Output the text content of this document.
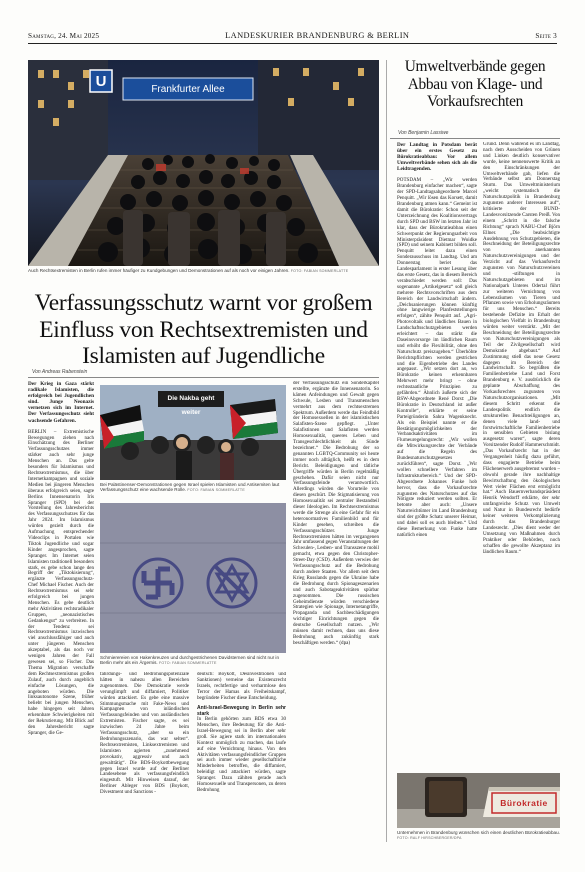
Samstag, 24. Mai 2025	LANDESKURIER BRANDENBURG & BERLIN	Seite 3
Frankfurter Allee
U
Auch Rechtsextremisten in Berlin rufen immer häufiger zu Kundgebungen und Demonstrationen auf als noch vor einigen Jahren. FOTO: FABIAN SOMMERLATTE
Verfassungsschutz warnt vor großem Einfluss von Rechtsextremisten und Islamisten auf Jugendliche
Von Andreas Rabenstein

Der Krieg in Gaza stärkt radikale Islamisten, die erfolgreich bei Jugendlichen sind. Junge Neonazis vernetzen sich im Internet. Der Verfassungsschutz sieht wachsende Gefahren.

BERLIN – Extremistische Bewegungen ziehen nach Einschätzung des Berliner Verfassungsschutzes immer stärker auch sehr junge Menschen an. Das gelte besonders für Islamismus und Rechtsextremismus, die über Internetkampagnen und soziale Medien bei jüngeren Menschen überaus erfolgreich seien, sagte Berlins Innensenatorin Iris Spranger (SPD) bei der Vorstellung des Jahresberichts des Verfassungsschutzes für das Jahr 2024. Im Islamismus würden gezielt durch die Aufmachung entsprechender Videoclips in Portalen wie Tiktok Jugendliche und sogar Kinder angesprochen, sagte Spranger. Im Internet seien Islamisten traditionell besonders stark, es gebe schon lange den Begriff der „Tiktokisierung“, ergänzte Verfassungsschutz-Chef Michael Fischer. Auch der Rechtsextremismus sei sehr erfolgreich bei jungen Menschen. Es gebe deutlich mehr Aktivitäten rechtsradikaler Gruppen, „neonazistisches Gedankengut“ zu verbreiten. In der Tendenz sei Rechtsextremismus inzwischen viel anschlussfähiger und auch unter jüngeren Menschen akzeptabel, als das noch vor wenigen Jahren der Fall gewesen sei, so Fischer. Das Thema Migration verschaffe dem Rechtsextremismus großen Zulauf, auch durch angeblich einfache Lösungen, die angeboten würden. Die linksautonome Szene, früher beliebt bei jungen Menschen, habe hingegen seit Jahren erkennbare Schwierigkeiten mit der Rekrutierung. Mit Blick auf den Jahresbericht sagte Spranger, die Ge-

Die Nakba geht weiter
Bei Palästinenser-Demonstrationen gegen Israel spielen Islamisten und Antisemiten laut Verfassungsschutz eine wachsende Rolle. FOTO: FABIAN SOMMERLATTE
Schmierereien von Hakenkreuzen und durchgestrichenen Davidsternen sind nicht nur in Berlin mehr als ein Ärgernis. FOTO: FABIAN SOMMERLATTE

fährdungs- und Bedrohungspotenziale hätten in nahezu allen Bereichen zugenommen. Die Demokratie werde verunglimpft und diffamiert, Politiker würden attackiert. Es gebe eine massive Stimmungsmache mit Fake-News und Kampagnen von inländischen Verfassungsfeinden und von ausländischen Extremisten. Fischer sagte, es sei inzwischen 24 Jahre beim Verfassungsschutz, „aber so ein Bedrohungsszenario, das war selten“. Rechtsextremisten, Linksextremisten und Islamisten agierten „zunehmend provokativ, aggressiv und auch gewalttätig“. Die BDS-Boykottbewegung gegen Israel wurde auf der Berliner Landesebene als verfassungsfeindlich eingestuft. Mit Hinweisen darauf, der Berliner Ableger von BDS (Boykott, Divestment und Sanctions -

deutsch: Boykott, Desinvestitionen und Sanktionen) verneine das Existenzrecht Israels, rechtfertige und verharmlose den Terror der Hamas als Freiheitskampf, begründete Fischer diese Entscheidung.

Anti-Israel-Bewegung in Berlin sehr stark

In Berlin gehörten zum BDS etwa 30 Menschen, ihre Bedeutung für die Anti-Israel-Bewegung sei in Berlin aber sehr groß. Sie agiere stark im internationalen Kontext unmöglich zu machen, das laufe auf eine Vernichtung hinaus. Von den Aktivitäten verfassungsfeindlicher Gruppen sei auch immer wieder gesellschaftliche Minderheiten betroffen, die diffamiert, beleidigt und attackiert würden, sagte Spranger. Dazu zählten gerade auch Homosexuelle und Transpersonen, zu deren Bedrohung

der Verfassungsschutz ein Sonderkapitel erstellte, ergänzte die Innensenatorin. So kämen Anfeindungen und Gewalt gegen Schwule, Lesben und Transmenschen vermehrt aus dem rechtsextremen Spektrum. Außerdem werde das Feindbild der Homosexuellen in der islamistischen Salafisten-Szene gepflegt. „Unter Salafistinnen und Salafisten werden Homosexualität, queeres Leben und Transgeschlechtlichkeit als Sünde bezeichnet.“ Die Bedrohung der so genannten LGBTQ-Community sei heute immer noch alltäglich, heißt es in dem Bericht. Beleidigungen und tätliche Übergriffe würden in Berlin regelmäßig geschehen. Dafür seien nicht nur Verfassungsfeinde verantwortlich. Allerdings würden die Vorurteile von diesen geschürt. Die Stigmatisierung von Homosexualität sei zentraler Bestandteil dieser Ideologien. Im Rechtsextremismus werde die Strenge als eine Gefahr für ein heteronormatives Familienbild und für Kinder gesehen, schreiben die Verfassungsschützer. Junge Rechtsextremisten hätten im vergangenen Jahr umfassend gegen Veranstaltungen der Schwulen-, Lesben- und Transszene mobil gemacht, etwa gegen den Christopher-Street-Day (CSD). Außerdem verwies der Verfassungsschutz auf die Bedrohung durch andere Staaten. Vor allem seit dem Krieg Russlands gegen die Ukraine habe die Bedrohung durch Spionageszenarien und auch Sabotageaktivitäten spürbar zugenommen. Die russischen Geheimdienste würden verschiedene Strategien wie Spionage, Internetangriffe, Propaganda und Sachbeschädigungen wichtiger Einrichtungen gegen die deutsche Gesellschaft nutzen. „Wir müssen damit rechnen, dass uns diese Bedrohung auch zukünftig stark beschäftigen werden.“ (dpa)

Umweltverbände gegen Abbau von Klage- und Vorkaufsrechten
Von Benjamin Lassiwe

Der Landtag in Potsdam berät über ein erstes Gesetz zu Bürokratieabbau: Vor allem Umweltverbände sehen sich als die Leidtragenden.

POTSDAM – „Wir werden Brandenburg einfacher machen“, sagte der SPD-Landtagsabgeordnete Marcel Penquitt. „Wir lösen das Korsett, damit Brandenburg atmen kann.“ Gemeint ist damit die Bürokratie: Schon seit der Unterzeichnung des Koalitionsvertrags durch SPD und BSW im letzten Jahr ist klar, dass der Bürokratieabbau einen Schwerpunkt der Regierungsarbeit von Ministerpräsident Dietmar Woidke (SPD) und seinem Kabinett bilden soll. Penquitt leitet dazu einen Sonderausschuss im Landtag. Und am Donnerstag beriet das Landesparlament in erster Lesung über das erste Gesetz, das in diesem Bereich verabschiedet werden soll: Das sogenannte „Artikelgesetz“ soll gleich mehrere Rechtsvorschriften aus dem Bereich der Landwirtschaft ändern. „Deichsanierungen können künftig ohne langwierige Planfeststellungen erfolgen“, zählte Penquitt auf. „Agri-Photovoltaik und ländliches Bauen in Landschaftsschutzgebieten werden erleichtert – das stärkt die Daseinsvorsorge im ländlichen Raum und erhöht die Flexibilität, ohne den Naturschutz preiszugeben.“ Überhöhte Berichtspflichten werden gestrichen und die Eigenbetriebe des Landes angepasst. „Wir setzen dort an, wo Bürokratie keinen erkennbaren Mehrwert mehr bringt – ohne rechtsstaatliche Prinzipien zu gefährden.“ Ähnlich äußerte sich der BSW-Abgeordnete René Dorst: „Die Bürokratie in Deutschland ist außer Kontrolle“, erklärte er seine Parteigründerin Sahra Wagenknecht. Als ein Beispiel nannte er die Bestätigungsmöglichkeiten der Verbandsaktivitäten im Flurneuregelungsrecht: „Wir wollen die Mitwirkungsrechte der Verbände auf die Regeln des Bundesnaturschutzgesetzes zurückführen“, sagte Dorst. „Wir wollen schnellere Verfahren im Infrastrukturbereich.“ Und der SPD-Abgeordnete Johannes Funke hob hervor, dass die Vorkaufsrechte zugunsten des Naturschutzes auf das Nötigste reduziert werden sollten. Er betonte aber auch: „Unsere Naturreichtümer im Land Brandenburg sind der größte Schatz unserer Heimat, und dabei soll es auch bleiben.“ Und diese Bemerkung von Funke hatte natürlich einen

Grund. Denn während es im Landtag, nach dem Ausscheiden von Grünen und Linken deutlich konservativer wurde, keine nennenswerte Kritik an den Einschränkungen der Umweltverbände gab, liefen die Verbände selbst am Donnerstag Sturm. Das Umweltministerium „weicht systematisch die Naturschutzpolitik in Brandenburg zugunsten anderer Interessen auf“, kritisierte der BUND-Landesvorsitzende Carsten Preiß. Von einem „Schritt in die falsche Richtung“ sprach NABU-Chef Björn Ellner. „Die beabsichtigte Ausdehnung von Schutzgebieten, die Beschneidung der Beteiligungsrechte von anerkannten Naturschutzvereinigungen und der Verzicht auf das Vorkaufsrecht zugunsten von Naturschutzvereinen und -stiftungen in Naturschutzgebieten und im Nationalpark Unteres Odertal führt zur weiteren Vernichtung von Lebensräumen von Tieren und Pflanzen sowie von Erholungsräumen für uns Menschen.“ Bereits bestehende Defizite im Erhalt der biologischen Vielfalt in Brandenburg würden weiter verstärkt. „Mit der Beschneidung der Beteiligungsrechte von Naturschutzvereinigungen als Teil der Zivilgesellschaft wird Demokratie abgebaut.“ Auf Zustimmung stieß das neue Gesetz dagegen im Bereich der Landwirtschaft. So begrüßten die Familienbetriebe Land und Forst Brandenburg e. V. ausdrücklich die geplante Abschaffung des Vorkaufsrechtes zugunsten von Naturschutzorganisationen. „Mit diesem Schritt erkennt die Landespolitik endlich die strukturellen Benachteiligungen an, denen viele land- und forstwirtschaftliche Familienbetriebe in sensiblen Gebieten bislang ausgesetzt waren“, sagte deren Vorsitzender Rudolf Hammerschmidt. „Das Vorkaufsrecht hat in der Vergangenheit häufig dazu geführt, dass engagierte Betriebe beim Flächenerwerb ausgebremst wurden – obwohl gerade ihre nachhaltige Bewirtschaftung den ökologischen Wert vieler Flächen erst ermöglicht hat.“ Auch Bauernverbandspräsident Henrik Wendorff erklärte, der sehr umfangreiche Schutz von Umwelt und Natur in Bundesrecht bedürfe keiner weiteren Verkomplizierung durch das Brandenburger Landesrecht. „Dies dient weder der Umsetzung von Maßnahmen durch Praktiker oder Behörden, noch schaffen die gewollte Akzeptanz im ländlichen Raum.“

Bürokratie
Unternehmen in Brandenburg wünschen sich einen deutlichen Bürokratieabbau. FOTO: RALF HIRSCHBERGER/DPA
